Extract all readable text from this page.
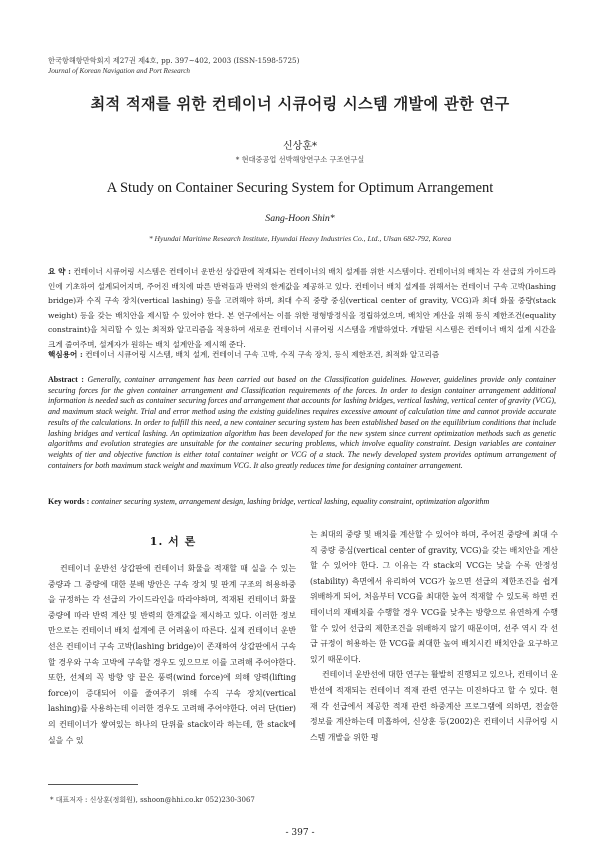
한국항해항만학회지 제27권 제4호, pp. 397~402, 2003 (ISSN-1598-5725)
Journal of Korean Navigation and Port Research
최적 적재를 위한 컨테이너 시큐어링 시스템 개발에 관한 연구
신상훈*
* 현대중공업 선박해양연구소 구조연구실
A Study on Container Securing System for Optimum Arrangement
Sang-Hoon Shin*
* Hyundai Maritime Research Institute, Hyundai Heavy Industries Co., Ltd., Ulsan 682-792, Korea
요 약 : 컨테이너 시큐어링 시스템은 컨테이너 운반선 상갑판에 적재되는 컨테이너의 배치 설계를 위한 시스템이다. 컨테이너의 배치는 각 선급의 가이드라인에 기초하여 설계되어지며, 주어진 배치에 따른 반력들과 반력의 한계값을 제공하고 있다. 컨테이너 배치 설계를 위해서는 컨테이너 구속 고박(lashing bridge)과 수직 구속 장치(vertical lashing) 등을 고려해야 하며, 최대 수직 중량 중심(vertical center of gravity, VCG)과 최대 화물 중량(stack weight) 등을 갖는 배치안을 제시할 수 있어야 한다. 본 연구에서는 이를 위한 평형방정식을 정립하였으며, 배치안 계산을 위해 등식 제한조건(equality constraint)을 처리할 수 있는 최적화 알고리즘을 적용하여 새로운 컨테이너 시큐어링 시스템을 개발하였다. 개발된 시스템은 컨테이너 배치 설계 시간을 크게 줄여주며, 설계자가 원하는 배치 설계안을 제시해 준다.
핵심용어 : 컨테이너 시큐어링 시스템, 배치 설계, 컨테이너 구속 고박, 수직 구속 장치, 등식 제한조건, 최적화 알고리즘
Abstract : Generally, container arrangement has been carried out based on the Classification guidelines. However, guidelines provide only container securing forces for the given container arrangement and Classification requirements of the forces. In order to design container arrangement additional information is needed such as container securing forces and arrangement that accounts for lashing bridges, vertical lashing, vertical center of gravity (VCG), and maximum stack weight. Trial and error method using the existing guidelines requires excessive amount of calculation time and cannot provide accurate results of the calculations. In order to fulfill this need, a new container securing system has been established based on the equilibrium conditions that include lashing bridges and vertical lashing. An optimization algorithm has been developed for the new system since current optimization methods such as genetic algorithms and evolution strategies are unsuitable for the container securing problems, which involve equality constraint. Design variables are container weights of tier and objective function is either total container weight or VCG of a stack. The newly developed system provides optimum arrangement of containers for both maximum stack weight and maximum VCG. It also greatly reduces time for designing container arrangement.
Key words : container securing system, arrangement design, lashing bridge, vertical lashing, equality constraint, optimization algorithm
1. 서 론

컨테이너 운반선 상갑판에 컨테이너 화물을 적재할 때 실을 수 있는 중량과 그 중량에 대한 분배 방안은 구속 장치 및 판계 구조의 허용하중을 규정하는 각 선급의 가이드라인을 따라야하며, 적재된 컨테이너 화물 중량에 따라 반력 계산 및 반력의 한계값을 제시하고 있다. 이러한 정보만으로는 컨테이너 배치 설계에 큰 어려움이 따른다. 실제 컨테이너 운반선은 컨테이너 구속 고박(lashing bridge)이 존재하여 상갑판에서 구속할 경우와 구속 고박에 구속할 경우도 있으므로 이를 고려해 주어야한다. 또한, 선체의 꼭 방향 양 끝은 풍력(wind force)에 의해 양력(lifting force)이 증대되어 이를 줄여주기 위해 수직 구속 장치(vertical lashing)를 사용하는데 이러한 경우도 고려해 주어야한다. 여러 단(tier)의 컨테이너가 쌓여있는 하나의 단위를 stack이라 하는데, 한 stack에 실을 수 있

는 최대의 중량 및 배치를 계산할 수 있어야 하며, 주어진 중량에 최대 수직 중량 중심(vertical center of gravity, VCG)을 갖는 배치안을 계산할 수 있어야 한다. 그 이유는 각 stack의 VCG는 낮을 수록 안정성(stability) 측면에서 유리하여 VCG가 높으면 선급의 제한조건을 쉽게 위배하게 되어, 처음부터 VCG를 최대한 높여 적재할 수 있도록 하면 컨테이너의 재배치를 수행할 경우 VCG를 낮추는 방향으로 유연하게 수행할 수 있어 선급의 제한조건을 위배하지 않기 때문이며, 선주 역시 각 선급 규정이 허용하는 한 VCG를 최대한 높여 배치시킨 배치안을 요구하고 있기 때문이다.

컨테이너 운반선에 대한 연구는 활발히 진행되고 있으나, 컨테이너 운반선에 적재되는 컨테이너 적재 관련 연구는 미진하다고 할 수 있다. 현재 각 선급에서 제공한 적재 관련 하중계산 프로그램에 의하면, 전술한 정보를 계산하는데 미흡하여, 신상훈 등(2002)은 컨테이너 시큐어링 시스템 개발을 위한 평

* 대표저자 : 신상훈(정회원), sshoon@hhi.co.kr 052)230-3067
- 397 -
